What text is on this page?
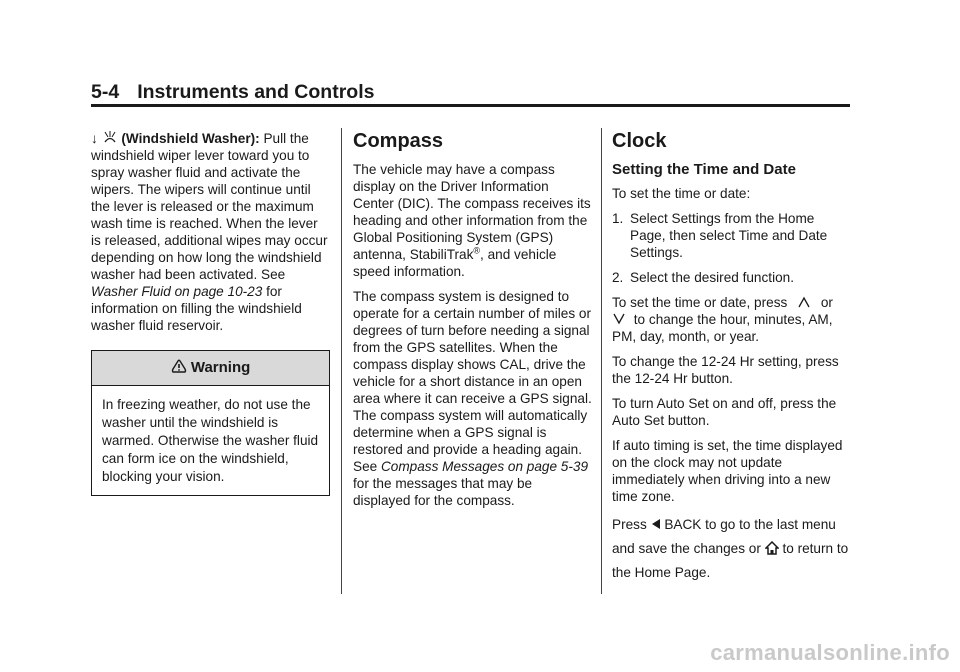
5-4 Instruments and Controls

↓ (Windshield Washer): Pull the windshield wiper lever toward you to spray washer fluid and activate the wipers. The wipers will continue until the lever is released or the maximum wash time is reached. When the lever is released, additional wipes may occur depending on how long the windshield washer had been activated. See Washer Fluid on page 10-23 for information on filling the windshield washer fluid reservoir.

Warning
In freezing weather, do not use the washer until the windshield is warmed. Otherwise the washer fluid can form ice on the windshield, blocking your vision.
Compass

The vehicle may have a compass display on the Driver Information Center (DIC). The compass receives its heading and other information from the Global Positioning System (GPS) antenna, StabiliTrak®, and vehicle speed information.

The compass system is designed to operate for a certain number of miles or degrees of turn before needing a signal from the GPS satellites. When the compass display shows CAL, drive the vehicle for a short distance in an open area where it can receive a GPS signal. The compass system will automatically determine when a GPS signal is restored and provide a heading again. See Compass Messages on page 5-39 for the messages that may be displayed for the compass.

Clock
Setting the Time and Date

To set the time or date:

1. Select Settings from the Home Page, then select Time and Date Settings.
2. Select the desired function.

To set the time or date, press or
to change the hour, minutes, AM, PM, day, month, or year.

To change the 12-24 Hr setting, press the 12-24 Hr button.

To turn Auto Set on and off, press the Auto Set button.

If auto timing is set, the time displayed on the clock may not update immediately when driving into a new time zone.

Press BACK to go to the last menu and save the changes or to return to the Home Page.

carmanualsonline.info
